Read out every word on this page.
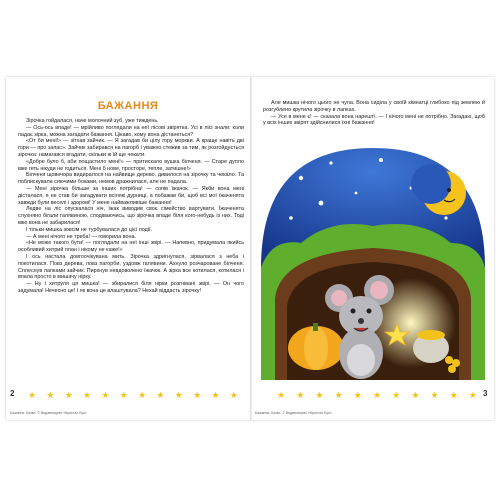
БАЖАННЯ

Зірочка гойдалася, наче молочний зуб, уже тиждень.

— Ось-ось впаде! — мрійливо поглядали на неї лісові звірятка. Усі в лісі знали: коли падає зірка, можна загадати бажання. Цікаво, кому вона дістанеться?

«От би мені!» — зітхав зайчик. — Я загадав би цілу гору моркви. А краще навіть дві гори — про запас». Зайчик забирався на пагорб і уважно стежив за тим, як розгойдується зірочка: намагався вгадати, скільки ж їй ще чекати.

«Добре було б, аби пощастило мені!» — притискало вушка білченя. — Старе дупло вже геть нікуди не годиться. Мені б нове, просторе, тепле, затишне!»

Білченя щовечора видиралося на найвище дерево, дивилося на зірочку та чекало. Та поблискувала сяючими боками, немов дражнилася, але не падала.

— Мені зірочка більше за інших потрібна! — сопів їжачок. — Якби вона мені дісталася, я не став би загадувати всілякі дурниці, а побажав би, щоб всі мої їжаченята завжди були веселі і здорові! У мене найважливіше бажання!

Ледве на ліс опускалася ніч, їжак виводив своє сімейство вартувати. Їжаченята слухняно бігали галявиною, сподіваючись, що зірочка впаде біля кого-небудь із них. Тоді вже вона не забарилася!

І тільки мишка зовсім не турбувалася до цієї події.

— А мені нічого не треба! — говорила вона.

«Не може такого бути! — поглядали на неї інші звірі. — Напевно, придумала якийсь особливий хитрий план і нікому не каже!»

І ось настала довгоочікувана мить. Зірочка здригнулася, зірвалася з неба і покотилася. Повз дерева, повз пагорби, уздовж галявини. Ахнуло розчароване білченя. Сплеснув лапками зайчик. Пирхнув невдоволено їжачок. А зірка все котилася, котилася і впала просто в мишачу нірку.

— Ну і хитруля ця мишка! — збиралися біля нірки розгнівані звірі. — Он чого задумала! Нечесно це! І як вона це влаштувала? Нехай віддасть зірочку!

2 ★ ★ ★ ★ ★ ★ ★ ★ ★ ★ ★ ★
Бажання. Казки. © Видавництво «Кристал Бук»

Але мишка нічого цього не чула. Вона сиділа у своїй кімнатці глибоко під землею й розгублено крутила зірочку в лапках.

— Усе в мене є! — сказала вона нарешті. — І нічого мені не потрібно. Загадаю, щоб у всіх інших звірят здійснилися їхні бажання!

★ ★ ★ ★ ★ ★ ★ ★ ★ ★ ★ 3
Бажання. Казки. © Видавництво «Кристал Бук»
